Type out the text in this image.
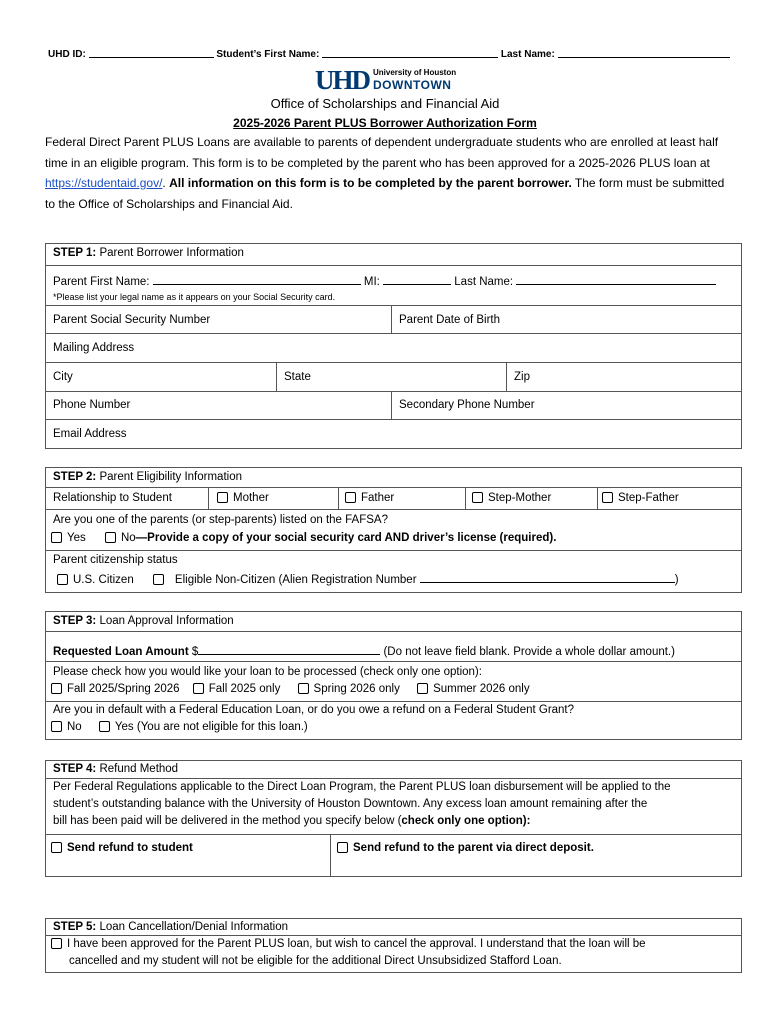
UHD ID:	Student’s First Name:	Last Name:
UHD University of Houston
DOWNTOWN
Office of Scholarships and Financial Aid
2025-2026 Parent PLUS Borrower Authorization Form
Federal Direct Parent PLUS Loans are available to parents of dependent undergraduate students who are enrolled at least half time in an eligible program. This form is to be completed by the parent who has been approved for a 2025-2026 PLUS loan at https://studentaid.gov/. All information on this form is to be completed by the parent borrower. The form must be submitted to the Office of Scholarships and Financial Aid.
STEP 1: Parent Borrower Information
Parent First Name:	MI:	Last Name:
*Please list your legal name as it appears on your Social Security card.
Parent Social Security Number	Parent Date of Birth
Mailing Address
City	State	Zip
Phone Number	Secondary Phone Number
Email Address
STEP 2: Parent Eligibility Information
Relationship to Student	Mother	Father	Step-Mother	Step-Father
Are you one of the parents (or step-parents) listed on the FAFSA?
Yes	No—Provide a copy of your social security card AND driver’s license (required).
Parent citizenship status
U.S. Citizen	Eligible Non-Citizen (Alien Registration Number	)
STEP 3: Loan Approval Information
Requested Loan Amount $	(Do not leave field blank. Provide a whole dollar amount.)
Please check how you would like your loan to be processed (check only one option):
Fall 2025/Spring 2026	Fall 2025 only	Spring 2026 only	Summer 2026 only
Are you in default with a Federal Education Loan, or do you owe a refund on a Federal Student Grant?
No	Yes (You are not eligible for this loan.)
STEP 4: Refund Method
Per Federal Regulations applicable to the Direct Loan Program, the Parent PLUS loan disbursement will be applied to the
student’s outstanding balance with the University of Houston Downtown. Any excess loan amount remaining after the
bill has been paid will be delivered in the method you specify below (check only one option):
Send refund to student	Send refund to the parent via direct deposit.
STEP 5: Loan Cancellation/Denial Information
I have been approved for the Parent PLUS loan, but wish to cancel the approval. I understand that the loan will be
cancelled and my student will not be eligible for the additional Direct Unsubsidized Stafford Loan.
